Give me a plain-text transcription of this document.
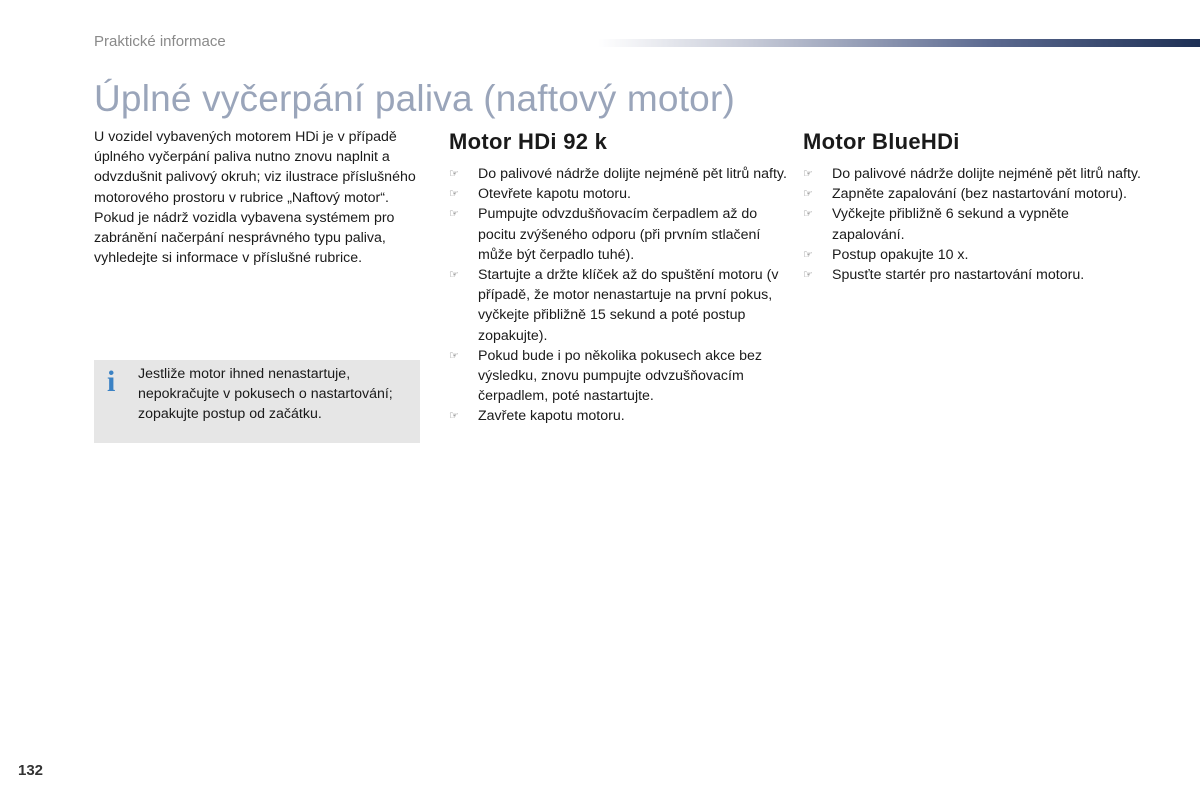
Praktické informace
Úplné vyčerpání paliva (naftový motor)

U vozidel vybavených motorem HDi je v případě úplného vyčerpání paliva nutno znovu naplnit a odvzdušnit palivový okruh; viz ilustrace příslušného motorového prostoru v rubrice „Naftový motor“.

Pokud je nádrž vozidla vybavena systémem pro zabránění načerpání nesprávného typu paliva, vyhledejte si informace v příslušné rubrice.

i Jestliže motor ihned nenastartuje, nepokračujte v pokusech o nastartování; zopakujte postup od začátku.
Motor HDi 92 k
☞ Do palivové nádrže dolijte nejméně pět litrů nafty.
☞ Otevřete kapotu motoru.
☞ Pumpujte odvzdušňovacím čerpadlem až do pocitu zvýšeného odporu (při prvním stlačení může být čerpadlo tuhé).
☞ Startujte a držte klíček až do spuštění motoru (v případě, že motor nenastartuje na první pokus, vyčkejte přibližně 15 sekund a poté postup zopakujte).
☞ Pokud bude i po několika pokusech akce bez výsledku, znovu pumpujte odvzušňovacím čerpadlem, poté nastartujte.
☞ Zavřete kapotu motoru.
Motor BlueHDi
☞ Do palivové nádrže dolijte nejméně pět litrů nafty.
☞ Zapněte zapalování (bez nastartování motoru).
☞ Vyčkejte přibližně 6 sekund a vypněte zapalování.
☞ Postup opakujte 10 x.
☞ Spusťte startér pro nastartování motoru.
132
